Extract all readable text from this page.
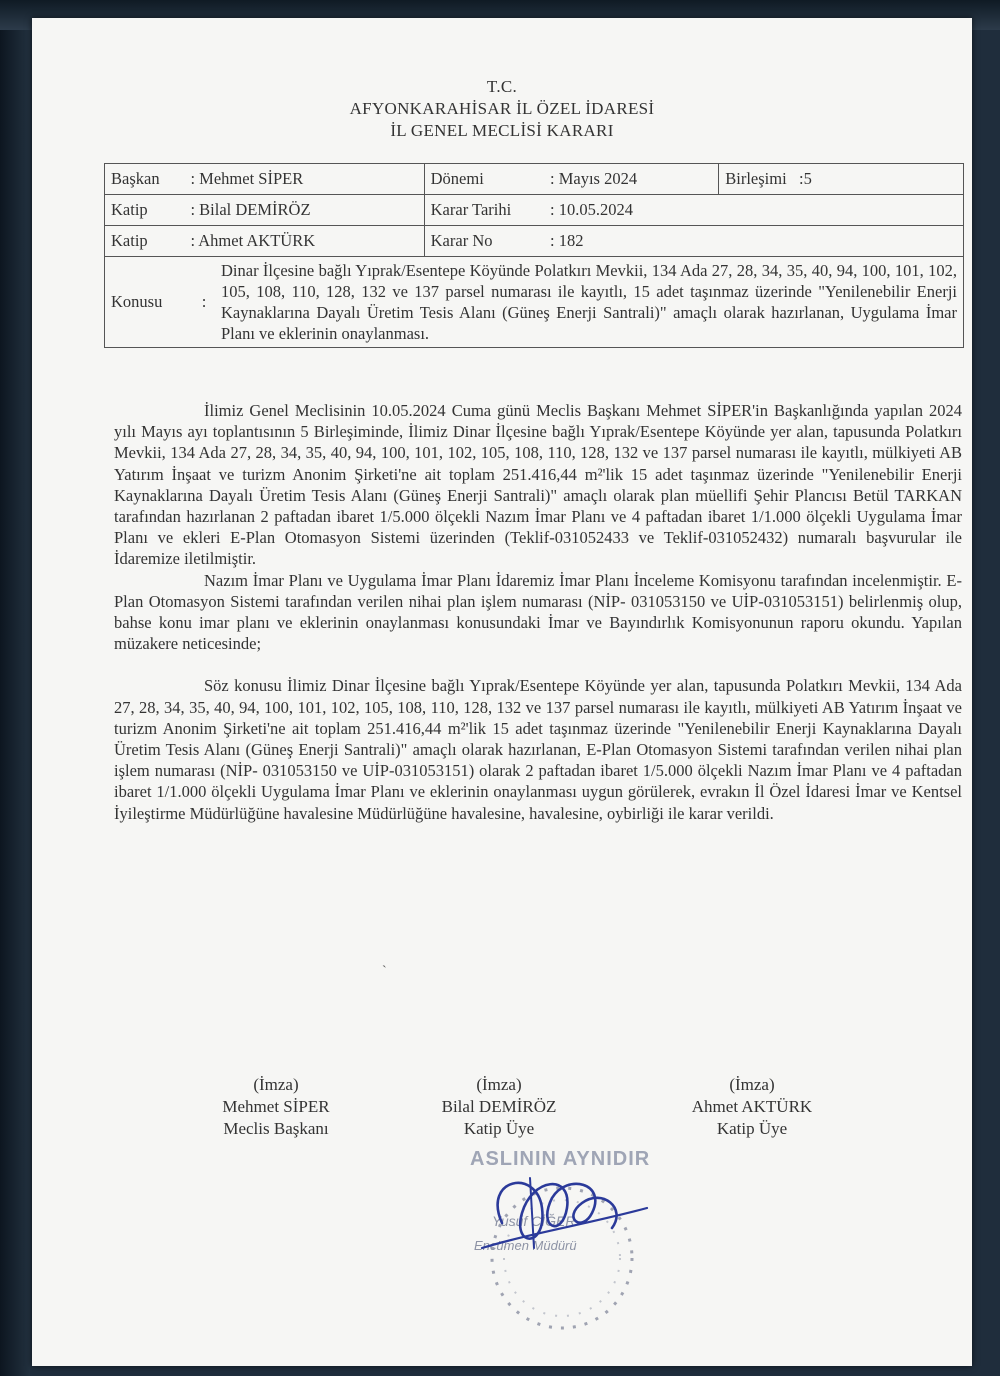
T.C.
AFYONKARAHİSAR İL ÖZEL İDARESİ
İL GENEL MECLİSİ KARARI
Başkan	: Mehmet SİPER	Dönemi	: Mayıs 2024	Birleşimi   :5
Katip	: Bilal DEMİRÖZ	Karar Tarihi	: 10.05.2024
Katip	: Ahmet AKTÜRK	Karar No	: 182

Konusu	:	Dinar İlçesine bağlı Yıprak/Esentepe Köyünde Polatkırı Mevkii, 134 Ada 27, 28, 34, 35, 40, 94, 100, 101, 102, 105, 108, 110, 128, 132 ve 137 parsel numarası ile kayıtlı, 15 adet taşınmaz üzerinde "Yenilenebilir Enerji Kaynaklarına Dayalı Üretim Tesis Alanı (Güneş Enerji Santrali)" amaçlı olarak hazırlanan, Uygulama İmar Planı ve eklerinin onaylanması.

İlimiz Genel Meclisinin 10.05.2024 Cuma günü Meclis Başkanı Mehmet SİPER'in Başkanlığında yapılan 2024 yılı Mayıs ayı toplantısının 5 Birleşiminde, İlimiz Dinar İlçesine bağlı Yıprak/Esentepe Köyünde yer alan, tapusunda Polatkırı Mevkii, 134 Ada 27, 28, 34, 35, 40, 94, 100, 101, 102, 105, 108, 110, 128, 132 ve 137 parsel numarası ile kayıtlı, mülkiyeti AB Yatırım İnşaat ve turizm Anonim Şirketi'ne ait toplam 251.416,44 m²'lik 15 adet taşınmaz üzerinde "Yenilenebilir Enerji Kaynaklarına Dayalı Üretim Tesis Alanı (Güneş Enerji Santrali)" amaçlı olarak plan müellifi Şehir Plancısı Betül TARKAN tarafından hazırlanan 2 paftadan ibaret 1/5.000 ölçekli Nazım İmar Planı ve 4 paftadan ibaret 1/1.000 ölçekli Uygulama İmar Planı ve ekleri E-Plan Otomasyon Sistemi üzerinden (Teklif-031052433 ve Teklif-031052432) numaralı başvurular ile İdaremize iletilmiştir.

Nazım İmar Planı ve Uygulama İmar Planı İdaremiz İmar Planı İnceleme Komisyonu tarafından incelenmiştir. E-Plan Otomasyon Sistemi tarafından verilen nihai plan işlem numarası (NİP- 031053150 ve UİP-031053151) belirlenmiş olup, bahse konu imar planı ve eklerinin onaylanması konusundaki İmar ve Bayındırlık Komisyonunun raporu okundu. Yapılan müzakere neticesinde;

Söz konusu İlimiz Dinar İlçesine bağlı Yıprak/Esentepe Köyünde yer alan, tapusunda Polatkırı Mevkii, 134 Ada 27, 28, 34, 35, 40, 94, 100, 101, 102, 105, 108, 110, 128, 132 ve 137 parsel numarası ile kayıtlı, mülkiyeti AB Yatırım İnşaat ve turizm Anonim Şirketi'ne ait toplam 251.416,44 m²'lik 15 adet taşınmaz üzerinde "Yenilenebilir Enerji Kaynaklarına Dayalı Üretim Tesis Alanı (Güneş Enerji Santrali)" amaçlı olarak hazırlanan, E-Plan Otomasyon Sistemi tarafından verilen nihai plan işlem numarası (NİP- 031053150 ve UİP-031053151) olarak 2 paftadan ibaret 1/5.000 ölçekli Nazım İmar Planı ve 4 paftadan ibaret 1/1.000 ölçekli Uygulama İmar Planı ve eklerinin onaylanması uygun görülerek, evrakın İl Özel İdaresi İmar ve Kentsel İyileştirme Müdürlüğüne havalesine Müdürlüğüne havalesine, havalesine, oybirliği ile karar verildi.

`
(İmza)
Mehmet SİPER
Meclis Başkanı
(İmza)
Bilal DEMİRÖZ
Katip Üye
(İmza)
Ahmet AKTÜRK
Katip Üye
ASLININ AYNIDIR
Yusuf CİĞER
Encümen Müdürü
